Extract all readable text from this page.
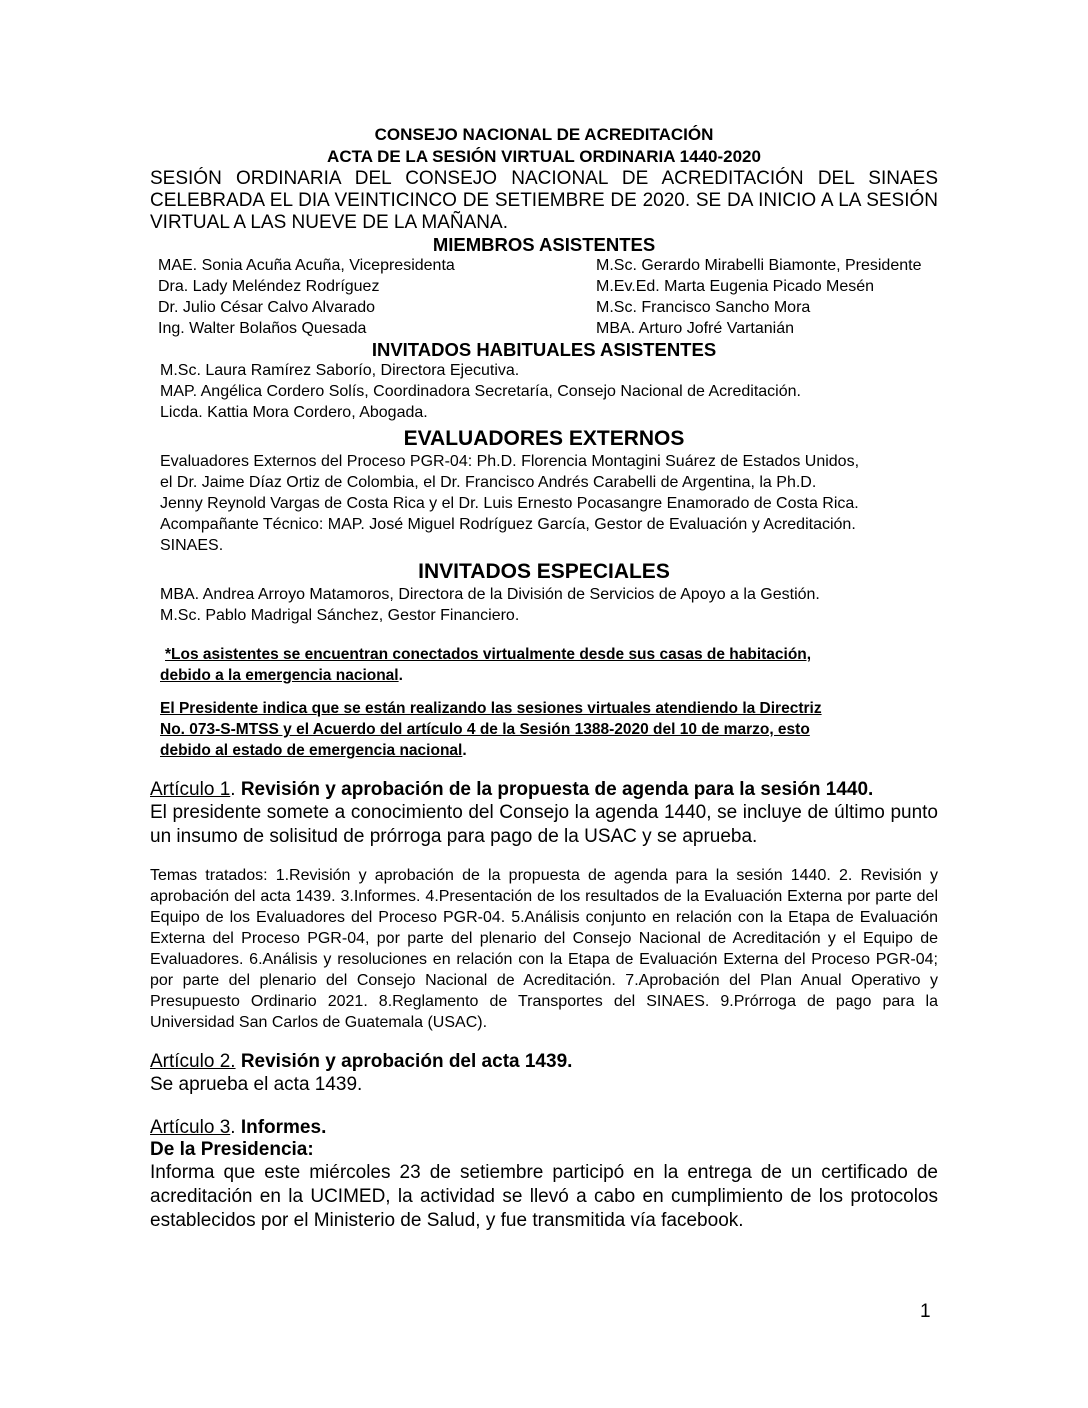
CONSEJO NACIONAL DE ACREDITACIÓN
ACTA DE LA SESIÓN VIRTUAL ORDINARIA 1440-2020
SESIÓN ORDINARIA DEL CONSEJO NACIONAL DE ACREDITACIÓN DEL SINAES CELEBRADA EL DIA VEINTICINCO DE SETIEMBRE DE 2020. SE DA INICIO A LA SESIÓN VIRTUAL A LAS NUEVE DE LA MAÑANA.
MIEMBROS ASISTENTES
MAE. Sonia Acuña Acuña, Vicepresidenta	M.Sc. Gerardo Mirabelli Biamonte, Presidente
Dra. Lady Meléndez Rodríguez	M.Ev.Ed. Marta Eugenia Picado Mesén
Dr. Julio César Calvo Alvarado	M.Sc. Francisco Sancho Mora
Ing. Walter Bolaños Quesada	MBA. Arturo Jofré Vartanián
INVITADOS HABITUALES ASISTENTES
M.Sc. Laura Ramírez Saborío, Directora Ejecutiva.
MAP. Angélica Cordero Solís, Coordinadora Secretaría, Consejo Nacional de Acreditación.
Licda. Kattia Mora Cordero, Abogada.
EVALUADORES EXTERNOS
Evaluadores Externos del Proceso PGR-04: Ph.D. Florencia Montagini Suárez de Estados Unidos,
el Dr. Jaime Díaz Ortiz de Colombia, el Dr. Francisco Andrés Carabelli de Argentina, la Ph.D.
Jenny Reynold Vargas de Costa Rica y el Dr. Luis Ernesto Pocasangre Enamorado de Costa Rica.
Acompañante Técnico: MAP. José Miguel Rodríguez García, Gestor de Evaluación y Acreditación.
SINAES.
INVITADOS ESPECIALES
MBA. Andrea Arroyo Matamoros, Directora de la División de Servicios de Apoyo a la Gestión.
M.Sc. Pablo Madrigal Sánchez, Gestor Financiero.
*Los asistentes se encuentran conectados virtualmente desde sus casas de habitación,
debido a la emergencia nacional.
El Presidente indica que se están realizando las sesiones virtuales atendiendo la Directriz
No. 073-S-MTSS y el Acuerdo del artículo 4 de la Sesión 1388-2020 del 10 de marzo, esto
debido al estado de emergencia nacional.
Artículo 1. Revisión y aprobación de la propuesta de agenda para la sesión 1440.
El presidente somete a conocimiento del Consejo la agenda 1440, se incluye de último punto un insumo de solisitud de prórroga para pago de la USAC y se aprueba.
Temas tratados: 1.Revisión y aprobación de la propuesta de agenda para la sesión 1440. 2. Revisión y aprobación del acta 1439. 3.Informes. 4.Presentación de los resultados de la Evaluación Externa por parte del Equipo de los Evaluadores del Proceso PGR-04. 5.Análisis conjunto en relación con la Etapa de Evaluación Externa del Proceso PGR-04, por parte del plenario del Consejo Nacional de Acreditación y el Equipo de Evaluadores. 6.Análisis y resoluciones en relación con la Etapa de Evaluación Externa del Proceso PGR-04; por parte del plenario del Consejo Nacional de Acreditación. 7.Aprobación del Plan Anual Operativo y Presupuesto Ordinario 2021. 8.Reglamento de Transportes del SINAES. 9.Prórroga de pago para la Universidad San Carlos de Guatemala (USAC).
Artículo 2. Revisión y aprobación del acta 1439.
Se aprueba el acta 1439.
Artículo 3. Informes.
De la Presidencia:
Informa que este miércoles 23 de setiembre participó en la entrega de un certificado de acreditación en la UCIMED, la actividad se llevó a cabo en cumplimiento de los protocolos establecidos por el Ministerio de Salud, y fue transmitida vía facebook.
1
